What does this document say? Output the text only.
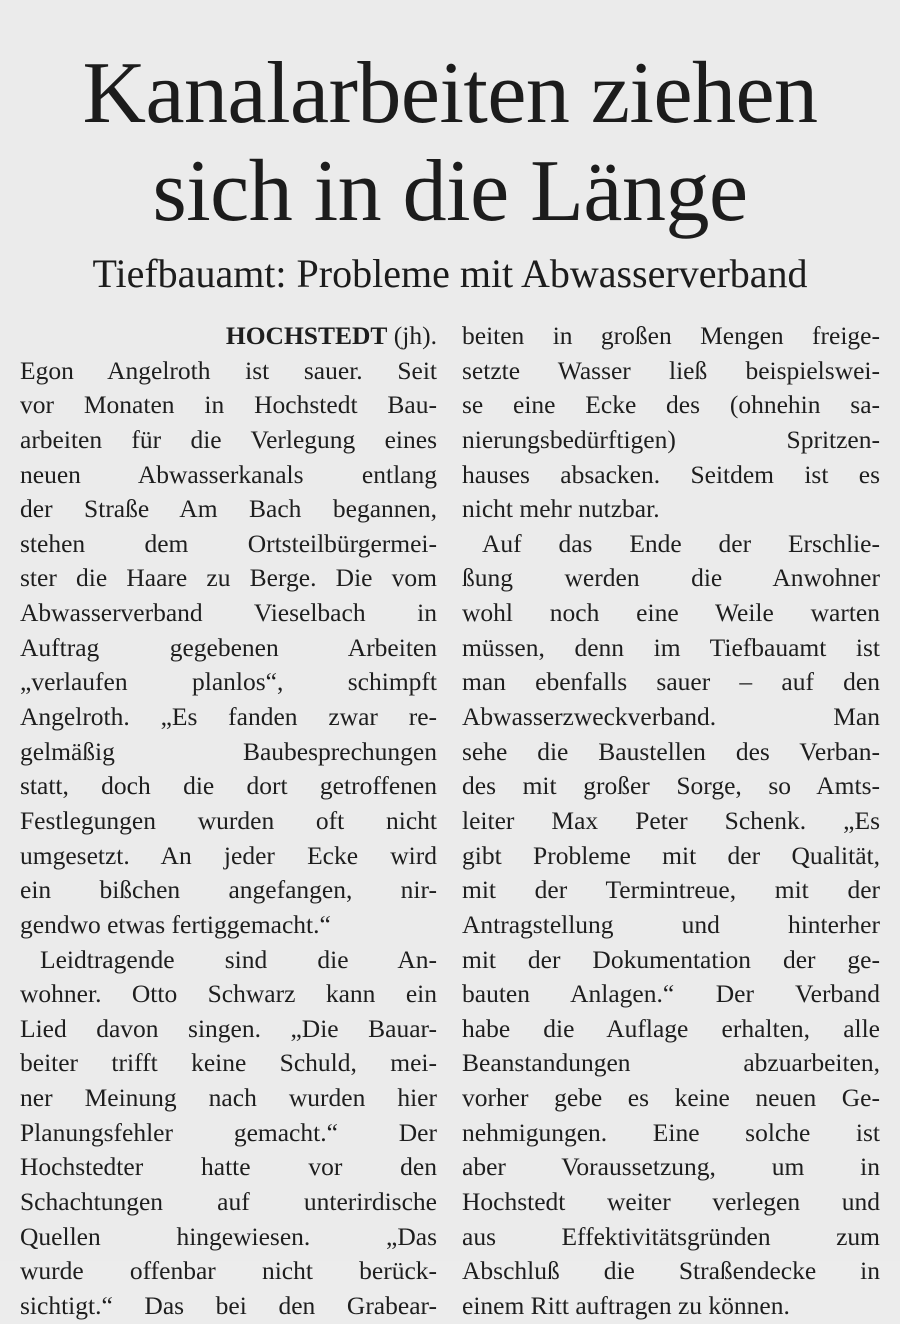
Kanalarbeiten ziehen
sich in die Länge
Tiefbauamt: Probleme mit Abwasserverband
HOCHSTEDT (jh).
Egon Angelroth ist sauer. Seit
vor Monaten in Hochstedt Bau-
arbeiten für die Verlegung eines
neuen Abwasserkanals entlang
der Straße Am Bach begannen,
stehen dem Ortsteilbürgermei-
ster die Haare zu Berge. Die vom
Abwasserverband Vieselbach in
Auftrag gegebenen Arbeiten
„verlaufen planlos“, schimpft
Angelroth. „Es fanden zwar re-
gelmäßig Baubesprechungen
statt, doch die dort getroffenen
Festlegungen wurden oft nicht
umgesetzt. An jeder Ecke wird
ein bißchen angefangen, nir-
gendwo etwas fertiggemacht.“
Leidtragende sind die An-
wohner. Otto Schwarz kann ein
Lied davon singen. „Die Bauar-
beiter trifft keine Schuld, mei-
ner Meinung nach wurden hier
Planungsfehler gemacht.“ Der
Hochstedter hatte vor den
Schachtungen auf unterirdische
Quellen hingewiesen. „Das
wurde offenbar nicht berück-
sichtigt.“ Das bei den Grabear-
beiten in großen Mengen freige-
setzte Wasser ließ beispielswei-
se eine Ecke des (ohnehin sa-
nierungsbedürftigen) Spritzen-
hauses absacken. Seitdem ist es
nicht mehr nutzbar.
Auf das Ende der Erschlie-
ßung werden die Anwohner
wohl noch eine Weile warten
müssen, denn im Tiefbauamt ist
man ebenfalls sauer – auf den
Abwasserzweckverband. Man
sehe die Baustellen des Verban-
des mit großer Sorge, so Amts-
leiter Max Peter Schenk. „Es
gibt Probleme mit der Qualität,
mit der Termintreue, mit der
Antragstellung und hinterher
mit der Dokumentation der ge-
bauten Anlagen.“ Der Verband
habe die Auflage erhalten, alle
Beanstandungen abzuarbeiten,
vorher gebe es keine neuen Ge-
nehmigungen. Eine solche ist
aber Voraussetzung, um in
Hochstedt weiter verlegen und
aus Effektivitätsgründen zum
Abschluß die Straßendecke in
einem Ritt auftragen zu können.
